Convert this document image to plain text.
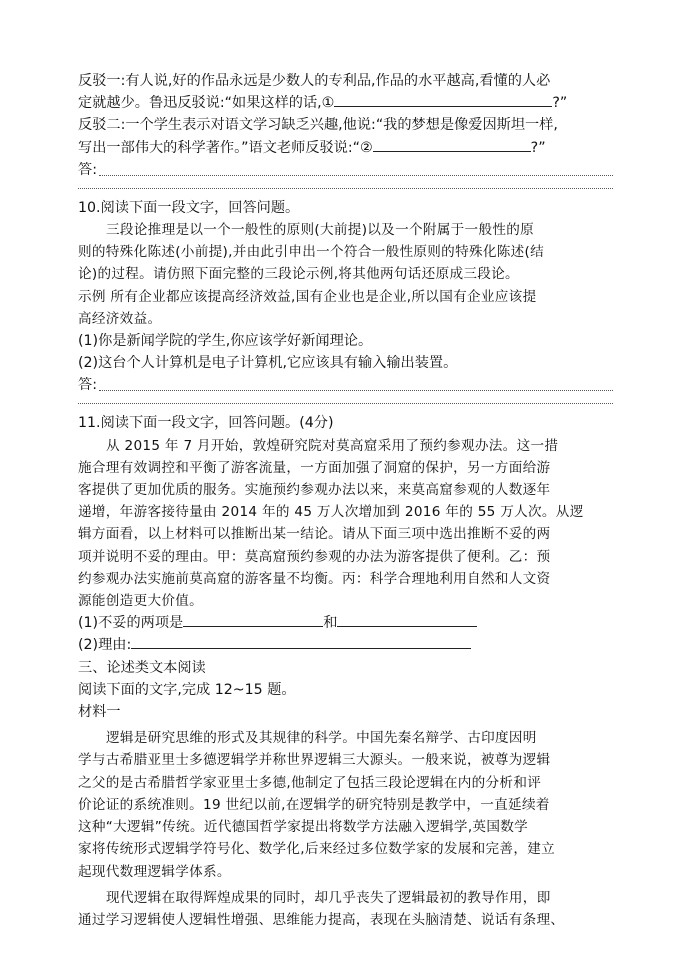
反驳一:有人说,好的作品永远是少数人的专利品,作品的水平越高,看懂的人必
定就越少。鲁迅反驳说:“如果这样的话,①	?”
反驳二:一个学生表示对语文学习缺乏兴趣,他说:“我的梦想是像爱因斯坦一样,
写出一部伟大的科学著作。”语文老师反驳说:“②	?”
答:
10.阅读下面一段文字，回答问题。
三段论推理是以一个一般性的原则(大前提)以及一个附属于一般性的原
则的特殊化陈述(小前提),并由此引申出一个符合一般性原则的特殊化陈述(结
论)的过程。请仿照下面完整的三段论示例,将其他两句话还原成三段论。
示例 所有企业都应该提高经济效益,国有企业也是企业,所以国有企业应该提
高经济效益。
(1)你是新闻学院的学生,你应该学好新闻理论。
(2)这台个人计算机是电子计算机,它应该具有输入输出装置。
答:
11.阅读下面一段文字，回答问题。(4分)
从 2015 年 7 月开始，敦煌研究院对莫高窟采用了预约参观办法。这一措
施合理有效调控和平衡了游客流量，一方面加强了洞窟的保护，另一方面给游
客提供了更加优质的服务。实施预约参观办法以来，来莫高窟参观的人数逐年
递增，年游客接待量由 2014 年的 45 万人次增加到 2016 年的 55 万人次。从逻
辑方面看，以上材料可以推断出某一结论。请从下面三项中选出推断不妥的两
项并说明不妥的理由。甲：莫高窟预约参观的办法为游客提供了便利。乙：预
约参观办法实施前莫高窟的游客量不均衡。丙：科学合理地利用自然和人文资
源能创造更大价值。
(1)不妥的两项是	和
(2)理由:
三、论述类文本阅读
阅读下面的文字,完成 12~15 题。
材料一
逻辑是研究思维的形式及其规律的科学。中国先秦名辩学、古印度因明
学与古希腊亚里士多德逻辑学并称世界逻辑三大源头。一般来说，被尊为逻辑
之父的是古希腊哲学家亚里士多德,他制定了包括三段论逻辑在内的分析和评
价论证的系统准则。19 世纪以前,在逻辑学的研究特别是教学中，一直延续着
这种“大逻辑”传统。近代德国哲学家提出将数学方法融入逻辑学,英国数学
家将传统形式逻辑学符号化、数学化,后来经过多位数学家的发展和完善，建立
起现代数理逻辑学体系。
现代逻辑在取得辉煌成果的同时，却几乎丧失了逻辑最初的教导作用，即
通过学习逻辑使人逻辑性增强、思维能力提高，表现在头脑清楚、说话有条理、
